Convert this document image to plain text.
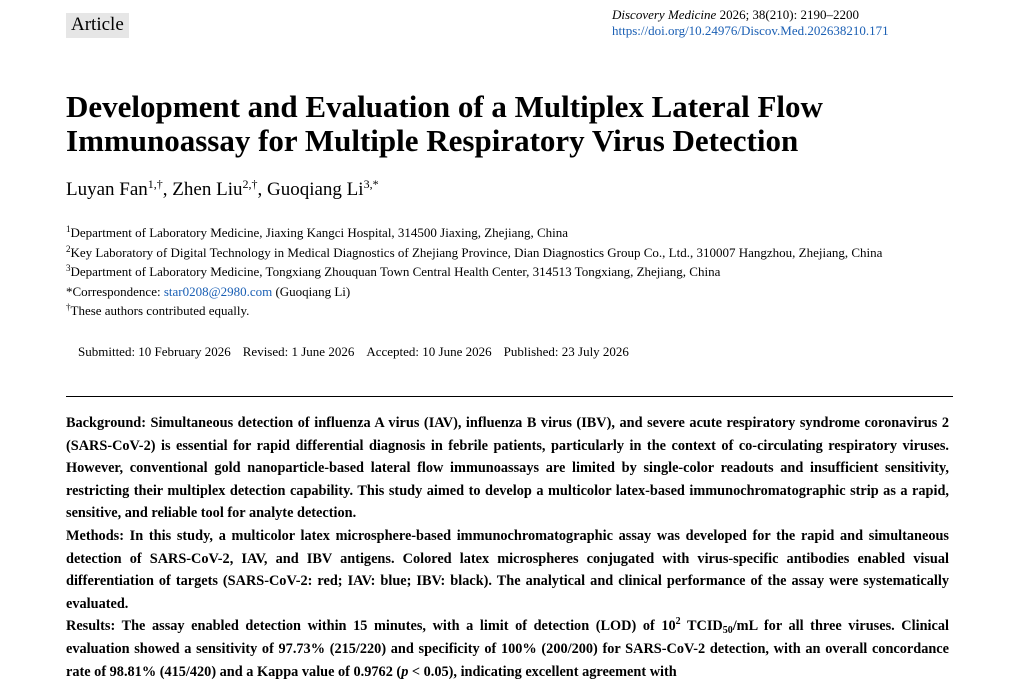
Article	Discovery Medicine 2026; 38(210): 2190–2200
https://doi.org/10.24976/Discov.Med.202638210.171
Development and Evaluation of a Multiplex Lateral Flow Immunoassay for Multiple Respiratory Virus Detection
Luyan Fan$^{1,\dagger}$, Zhen Liu$^{2,\dagger}$, Guoqiang $Li^{3,*}$
$^1$Department of Laboratory Medicine, Jiaxing Kangci Hospital, 314500 Jiaxing, Zhejiang, China
$^2$Key Laboratory of Digital Technology in Medical Diagnostics of Zhejiang Province, Dian Diagnostics Group Co., Ltd., 310007 Hangzhou, Zhejiang, China
$^3$Department of Laboratory Medicine, Tongxiang Zhouquan Town Central Health Center, 314513 Tongxiang, Zhejiang, China
*Correspondence: star0208@2980.com (Guoqiang Li)
†These authors contributed equally.
Submitted: 10 February 2026 Revised: 1 June 2026 Accepted: 10 June 2026 Published: 23 July 2026

Background: Simultaneous detection of influenza A virus (IAV), influenza B virus (IBV), and severe acute respiratory syndrome coronavirus 2 (SARS-CoV-2) is essential for rapid differential diagnosis in febrile patients, particularly in the context of co-circulating respiratory viruses. However, conventional gold nanoparticle-based lateral flow immunoassays are limited by single-color readouts and insufficient sensitivity, restricting their multiplex detection capability. This study aimed to develop a multicolor latex-based immunochromatographic strip as a rapid, sensitive, and reliable tool for analyte detection.

Methods: In this study, a multicolor latex microsphere-based immunochromatographic assay was developed for the rapid and simultaneous detection of SARS-CoV-2, IAV, and IBV antigens. Colored latex microspheres conjugated with virus-specific antibodies enabled visual differentiation of targets (SARS-CoV-2: red; IAV: blue; IBV: black). The analytical and clinical performance of the assay were systematically evaluated.

Results: The assay enabled detection within 15 minutes, with a limit of detection (LOD) of $10^2$ $TCID_{50}/mL$ for all three viruses. Clinical evaluation showed a sensitivity of 97.73% (215/220) and specificity of 100% (200/200) for SARS-CoV-2 detection, with an overall concordance rate of 98.81% (415/420) and a Kappa value of 0.9762 (p < 0.05), indicating excellent agreement with
